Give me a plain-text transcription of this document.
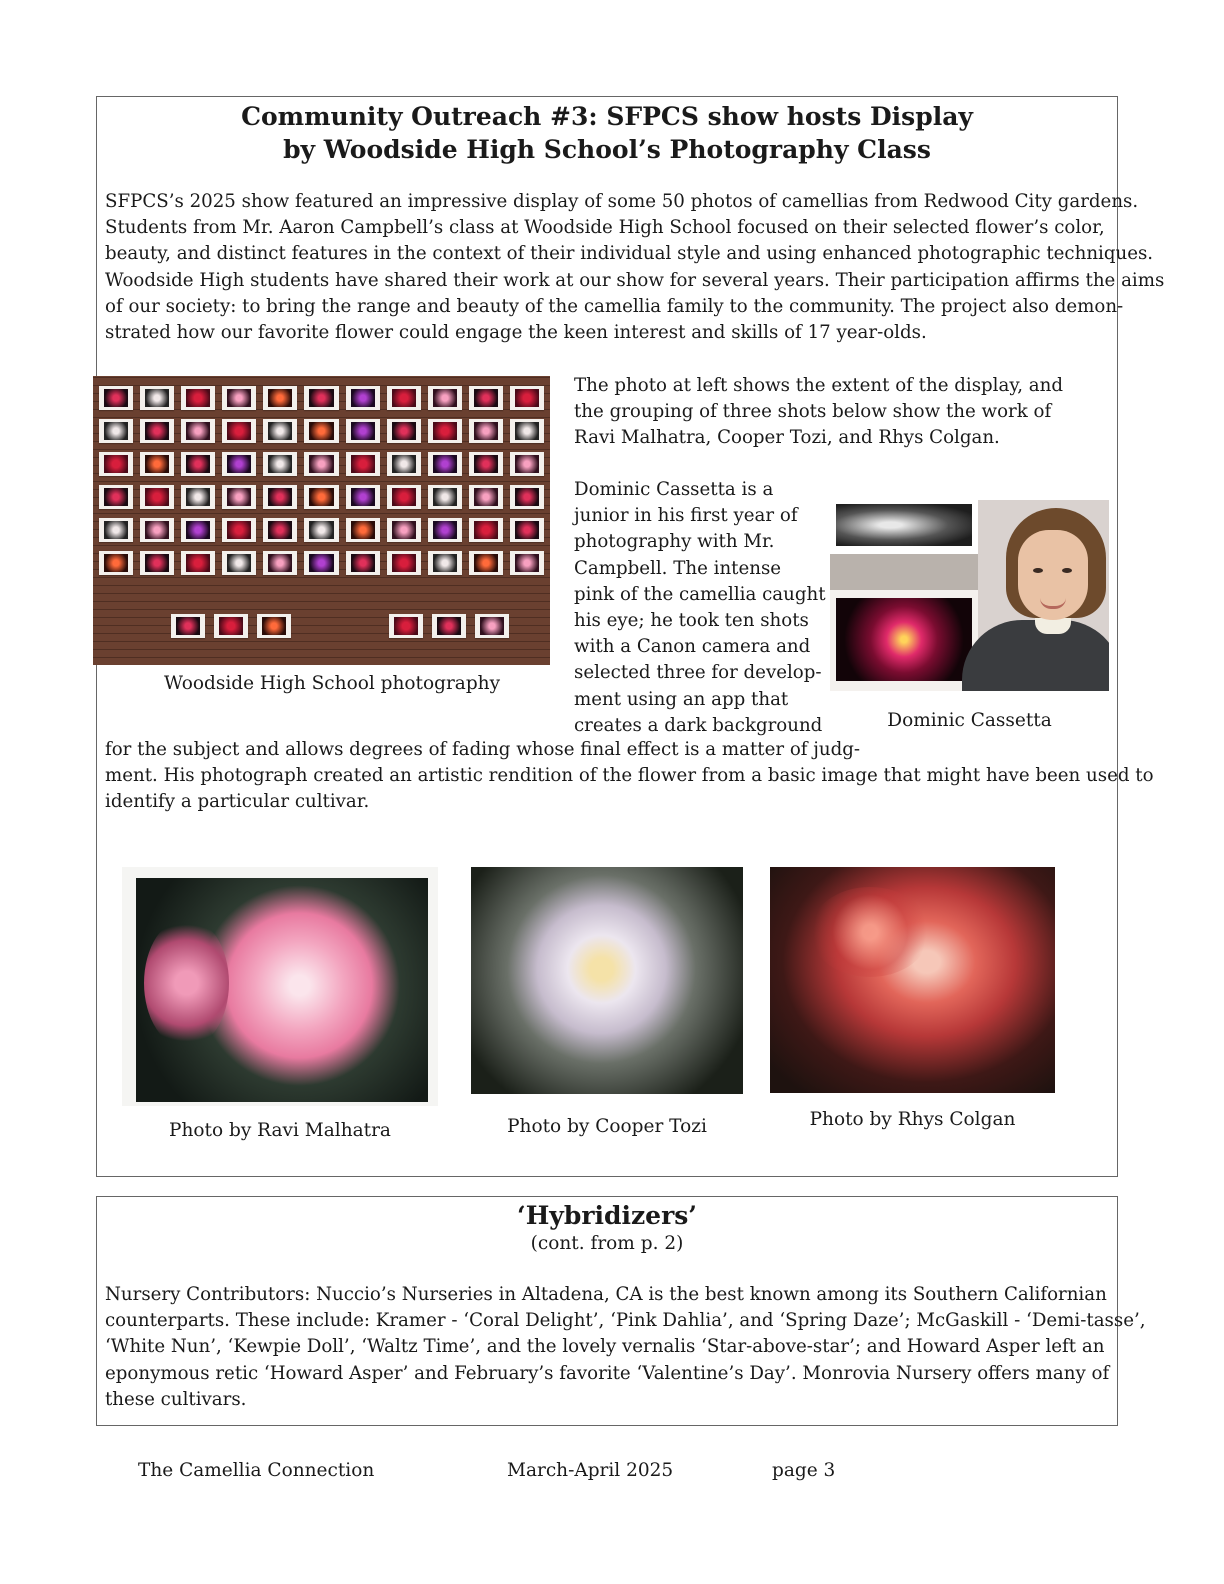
Community Outreach #3: SFPCS show hosts Display
by Woodside High School’s Photography Class

SFPCS’s 2025 show featured an impressive display of some 50 photos of camellias from Redwood City gardens.
Students from Mr. Aaron Campbell’s class at Woodside High School focused on their selected flower’s color,
beauty, and distinct features in the context of their individual style and using enhanced photographic techniques.
Woodside High students have shared their work at our show for several years. Their participation affirms the aims
of our society: to bring the range and beauty of the camellia family to the community. The project also demon-
strated how our favorite flower could engage the keen interest and skills of 17 year-olds.

Woodside High School photography

The photo at left shows the extent of the display, and
the grouping of three shots below show the work of
Ravi Malhatra, Cooper Tozi, and Rhys Colgan.

Dominic Cassetta is a
junior in his first year of
photography with Mr.
Campbell. The intense
pink of the camellia caught
his eye; he took ten shots
with a Canon camera and
selected three for develop-
ment using an app that
creates a dark background	Dominic Cassetta

for the subject and allows degrees of fading whose final effect is a matter of judg-
ment. His photograph created an artistic rendition of the flower from a basic image that might have been used to
identify a particular cultivar.

Photo by Ravi Malhatra	Photo by Cooper Tozi	Photo by Rhys Colgan
‘Hybridizers’
(cont. from p. 2)

Nursery Contributors: Nuccio’s Nurseries in Altadena, CA is the best known among its Southern Californian
counterparts. These include: Kramer - ‘Coral Delight’, ‘Pink Dahlia’, and ‘Spring Daze’; McGaskill - ‘Demi-tasse’,
‘White Nun’, ‘Kewpie Doll’, ‘Waltz Time’, and the lovely vernalis ‘Star-above-star’; and Howard Asper left an
eponymous retic ‘Howard Asper’ and February’s favorite ‘Valentine’s Day’. Monrovia Nursery offers many of
these cultivars.

The Camellia Connection	March-April 2025	page 3
